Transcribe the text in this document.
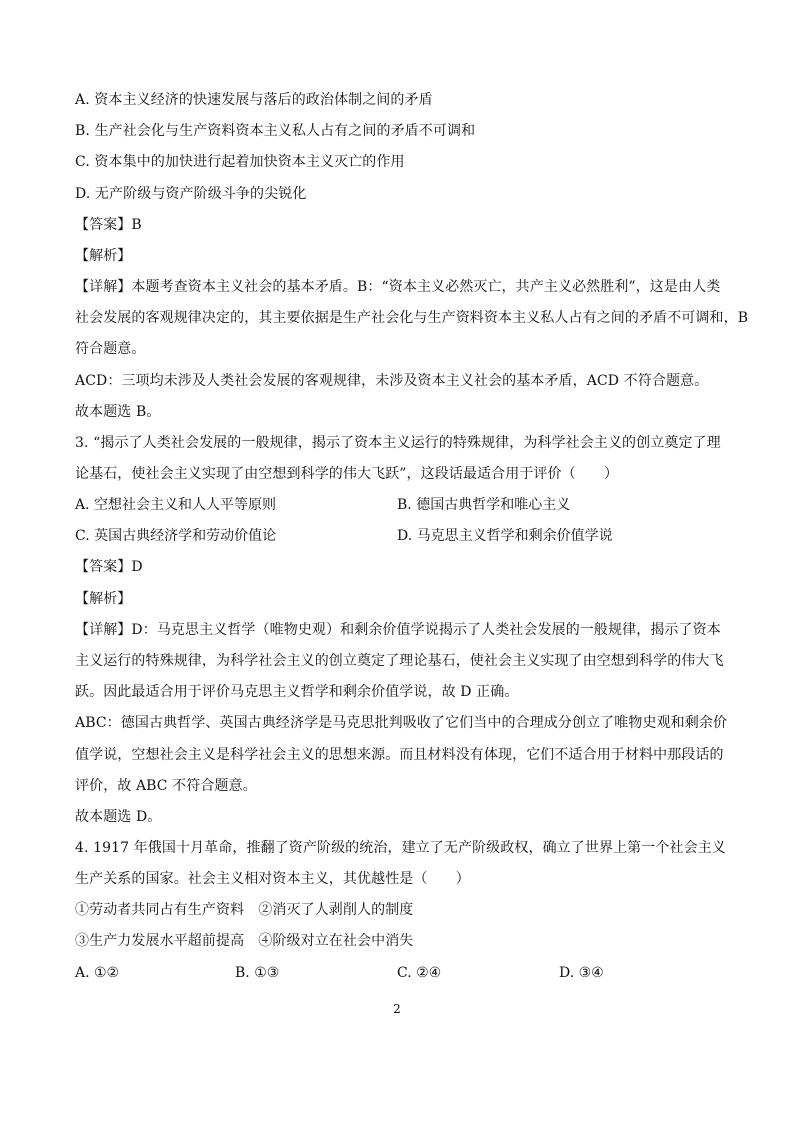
A. 资本主义经济的快速发展与落后的政治体制之间的矛盾
B. 生产社会化与生产资料资本主义私人占有之间的矛盾不可调和
C. 资本集中的加快进行起着加快资本主义灭亡的作用
D. 无产阶级与资产阶级斗争的尖锐化
【答案】B
【解析】
【详解】本题考查资本主义社会的基本矛盾。B：“资本主义必然灭亡，共产主义必然胜利”，这是由人类
社会发展的客观规律决定的，其主要依据是生产社会化与生产资料资本主义私人占有之间的矛盾不可调和，B
符合题意。
ACD：三项均未涉及人类社会发展的客观规律，未涉及资本主义社会的基本矛盾，ACD 不符合题意。
故本题选 B。
3. “揭示了人类社会发展的一般规律，揭示了资本主义运行的特殊规律，为科学社会主义的创立奠定了理
论基石，使社会主义实现了由空想到科学的伟大飞跃”，这段话最适合用于评价（　　）
A. 空想社会主义和人人平等原则	B. 德国古典哲学和唯心主义
C. 英国古典经济学和劳动价值论	D. 马克思主义哲学和剩余价值学说
【答案】D
【解析】
【详解】D：马克思主义哲学（唯物史观）和剩余价值学说揭示了人类社会发展的一般规律，揭示了资本
主义运行的特殊规律，为科学社会主义的创立奠定了理论基石，使社会主义实现了由空想到科学的伟大飞
跃。因此最适合用于评价马克思主义哲学和剩余价值学说，故 D 正确。
ABC：德国古典哲学、英国古典经济学是马克思批判吸收了它们当中的合理成分创立了唯物史观和剩余价
值学说，空想社会主义是科学社会主义的思想来源。而且材料没有体现，它们不适合用于材料中那段话的
评价，故 ABC 不符合题意。
故本题选 D。
4. 1917 年俄国十月革命，推翻了资产阶级的统治，建立了无产阶级政权，确立了世界上第一个社会主义
生产关系的国家。社会主义相对资本主义，其优越性是（　　）
①劳动者共同占有生产资料　②消灭了人剥削人的制度
③生产力发展水平超前提高　④阶级对立在社会中消失
A. ①②	B. ①③	C. ②④	D. ③④
2
